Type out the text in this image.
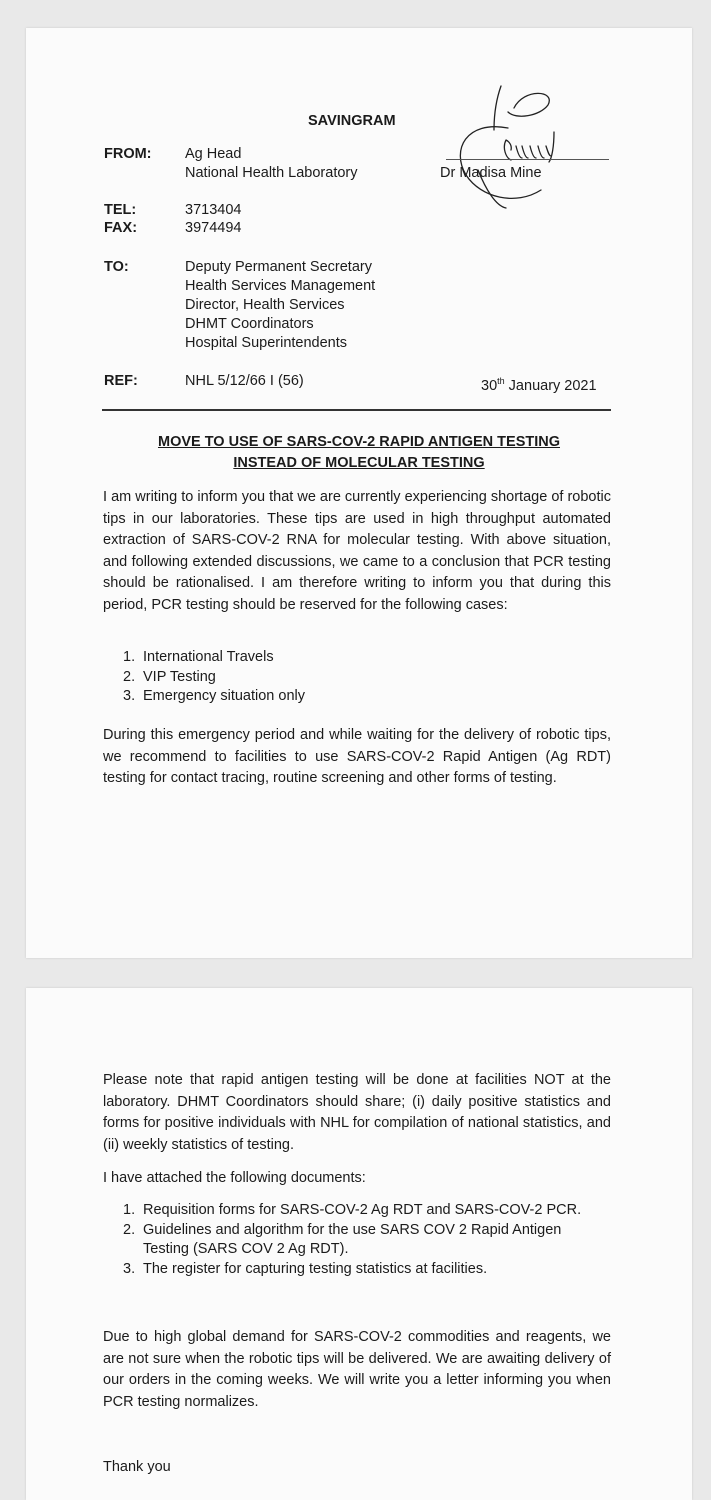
SAVINGRAM
FROM: Ag Head
National Health Laboratory	Dr Madisa Mine
TEL:	3713404
FAX:	3974494
TO:	Deputy Permanent Secretary
Health Services Management
Director, Health Services
DHMT Coordinators
Hospital Superintendents
REF:	NHL 5/12/66 I (56)	30th January 2021
MOVE TO USE OF SARS-COV-2 RAPID ANTIGEN TESTING
INSTEAD OF MOLECULAR TESTING
I am writing to inform you that we are currently experiencing shortage of robotic tips in our laboratories. These tips are used in high throughput automated extraction of SARS-COV-2 RNA for molecular testing. With above situation, and following extended discussions, we came to a conclusion that PCR testing should be rationalised. I am therefore writing to inform you that during this period, PCR testing should be reserved for the following cases:
1. International Travels
2. VIP Testing
3. Emergency situation only
During this emergency period and while waiting for the delivery of robotic tips, we recommend to facilities to use SARS-COV-2 Rapid Antigen (Ag RDT) testing for contact tracing, routine screening and other forms of testing.
Please note that rapid antigen testing will be done at facilities NOT at the laboratory. DHMT Coordinators should share; (i) daily positive statistics and forms for positive individuals with NHL for compilation of national statistics, and (ii) weekly statistics of testing.
I have attached the following documents:
1. Requisition forms for SARS-COV-2 Ag RDT and SARS-COV-2 PCR.
2. Guidelines and algorithm for the use SARS COV 2 Rapid Antigen
Testing (SARS COV 2 Ag RDT).
3. The register for capturing testing statistics at facilities.
Due to high global demand for SARS-COV-2 commodities and reagents, we are not sure when the robotic tips will be delivered. We are awaiting delivery of our orders in the coming weeks. We will write you a letter informing you when PCR testing normalizes.
Thank you
